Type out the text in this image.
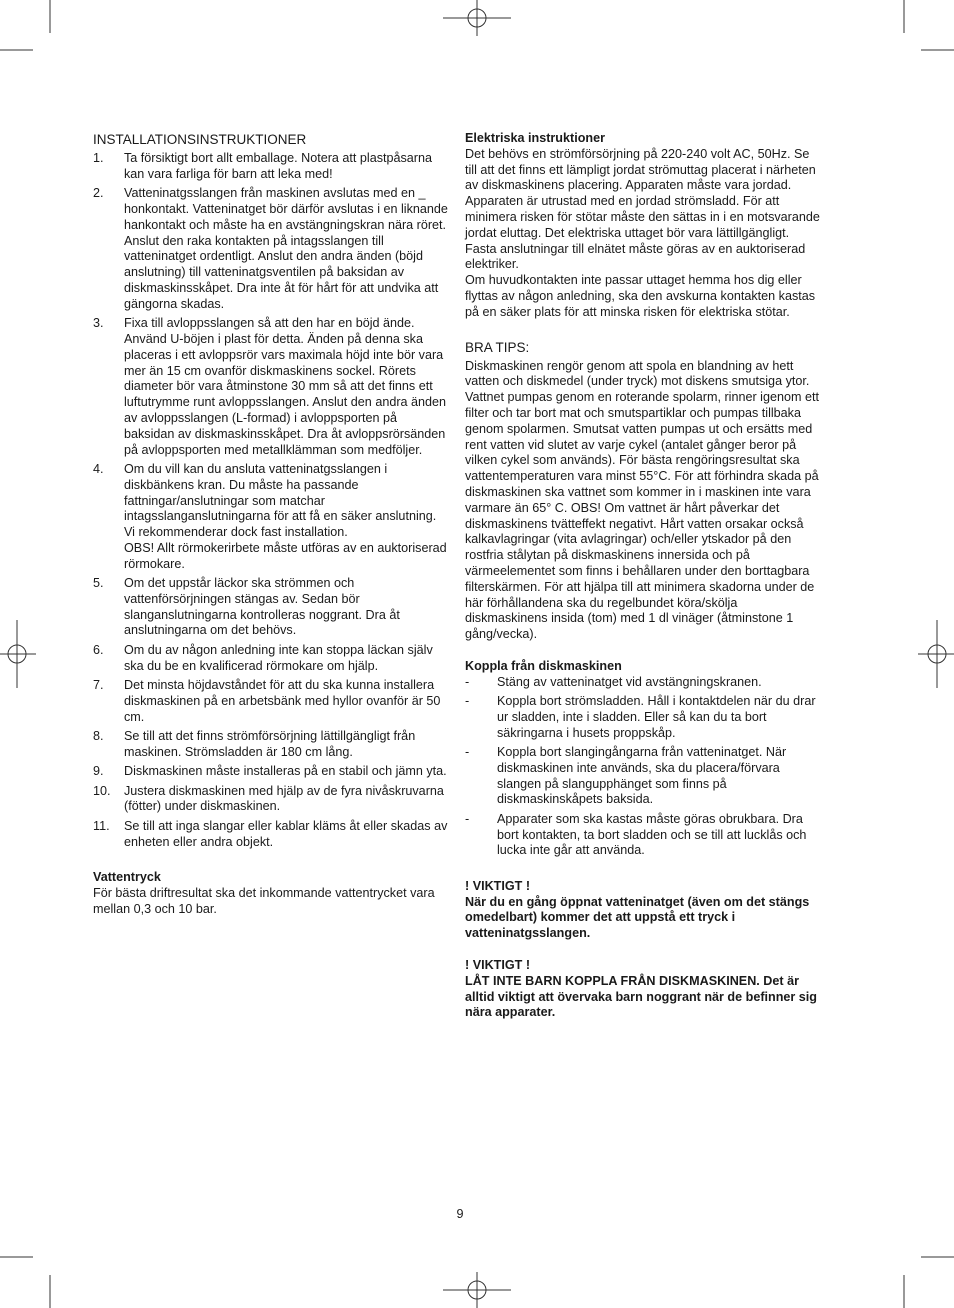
INSTALLATIONSINSTRUKTIONER
1. Ta försiktigt bort allt emballage. Notera att plastpåsarna kan vara farliga för barn att leka med!
2. Vatteninatgsslangen från maskinen avslutas med en _ honkontakt. Vatteninatget bör därför avslutas i en liknande hankontakt och måste ha en avstängningskran nära röret. Anslut den raka kontakten på intagsslangen till vatteninatget ordentligt. Anslut den andra änden (böjd anslutning) till vatteninatgsventilen på baksidan av diskmaskinsskåpet. Dra inte åt för hårt för att undvika att gängorna skadas.
3. Fixa till avloppsslangen så att den har en böjd ände. Använd U-böjen i plast för detta. Änden på denna ska placeras i ett avloppsrör vars maximala höjd inte bör vara mer än 15 cm ovanför diskmaskinens sockel. Rörets diameter bör vara åtminstone 30 mm så att det finns ett luftutrymme runt avloppsslangen. Anslut den andra änden av avloppsslangen (L-formad) i avloppsporten på baksidan av diskmaskinsskåpet. Dra åt avloppsrörsänden på avloppsporten med metallklämman som medföljer.
4. Om du vill kan du ansluta vatteninatgsslangen i diskbänkens kran. Du måste ha passande fattningar/anslutningar som matchar intagsslanganslutningarna för att få en säker anslutning. Vi rekommenderar dock fast installation.
OBS! Allt rörmokerirbete måste utföras av en auktoriserad rörmokare.
5. Om det uppstår läckor ska strömmen och vattenförsörjningen stängas av. Sedan bör slanganslutningarna kontrolleras noggrant. Dra åt anslutningarna om det behövs.
6. Om du av någon anledning inte kan stoppa läckan själv ska du be en kvalificerad rörmokare om hjälp.
7. Det minsta höjdavståndet för att du ska kunna installera diskmaskinen på en arbetsbänk med hyllor ovanför är 50 cm.
8. Se till att det finns strömförsörjning lättillgängligt från maskinen. Strömsladden är 180 cm lång.
9. Diskmaskinen måste installeras på en stabil och jämn yta.
10. Justera diskmaskinen med hjälp av de fyra nivåskruvarna (fötter) under diskmaskinen.
11. Se till att inga slangar eller kablar kläms åt eller skadas av enheten eller andra objekt.

Vattentryck

För bästa driftresultat ska det inkommande vattentrycket vara mellan 0,3 och 10 bar.

Elektriska instruktioner

Det behövs en strömförsörjning på 220-240 volt AC, 50Hz. Se till att det finns ett lämpligt jordat strömuttag placerat i närheten av diskmaskinens placering. Apparaten måste vara jordad. Apparaten är utrustad med en jordad strömsladd. För att minimera risken för stötar måste den sättas in i en motsvarande jordat eluttag. Det elektriska uttaget bör vara lättillgängligt. Fasta anslutningar till elnätet måste göras av en auktoriserad elektriker.

Om huvudkontakten inte passar uttaget hemma hos dig eller flyttas av någon anledning, ska den avskurna kontakten kastas på en säker plats för att minska risken för elektriska stötar.

BRA TIPS:

Diskmaskinen rengör genom att spola en blandning av hett vatten och diskmedel (under tryck) mot diskens smutsiga ytor. Vattnet pumpas genom en roterande spolarm, rinner igenom ett filter och tar bort mat och smutspartiklar och pumpas tillbaka genom spolarmen. Smutsat vatten pumpas ut och ersätts med rent vatten vid slutet av varje cykel (antalet gånger beror på vilken cykel som används). För bästa rengöringsresultat ska vattentemperaturen vara minst 55°C. För att förhindra skada på diskmaskinen ska vattnet som kommer in i maskinen inte vara varmare än 65° C. OBS! Om vattnet är hårt påverkar det diskmaskinens tvätteffekt negativt. Hårt vatten orsakar också kalkavlagringar (vita avlagringar) och/eller ytskador på den rostfria stålytan på diskmaskinens innersida och på värmeelementet som finns i behållaren under den borttagbara filterskärmen. För att hjälpa till att minimera skadorna under de här förhållandena ska du regelbundet köra/skölja diskmaskinens insida (tom) med 1 dl vinäger (åtminstone 1 gång/vecka).

Koppla från diskmaskinen

- Stäng av vatteninatget vid avstängningskranen.
- Koppla bort strömsladden. Håll i kontaktdelen när du drar ur sladden, inte i sladden. Eller så kan du ta bort säkringarna i husets proppskåp.
- Koppla bort slangingångarna från vatteninatget. När diskmaskinen inte används, ska du placera/förvara slangen på slangupphänget som finns på diskmaskinskåpets baksida.
- Apparater som ska kastas måste göras obrukbara. Dra bort kontakten, ta bort sladden och se till att lucklås och lucka inte går att använda.

! VIKTIGT !

När du en gång öppnat vatteninatget (även om det stängs omedelbart) kommer det att uppstå ett tryck i vatteninatgsslangen.

! VIKTIGT !

LÅT INTE BARN KOPPLA FRÅN DISKMASKINEN. Det är alltid viktigt att övervaka barn noggrant när de befinner sig nära apparater.

9
